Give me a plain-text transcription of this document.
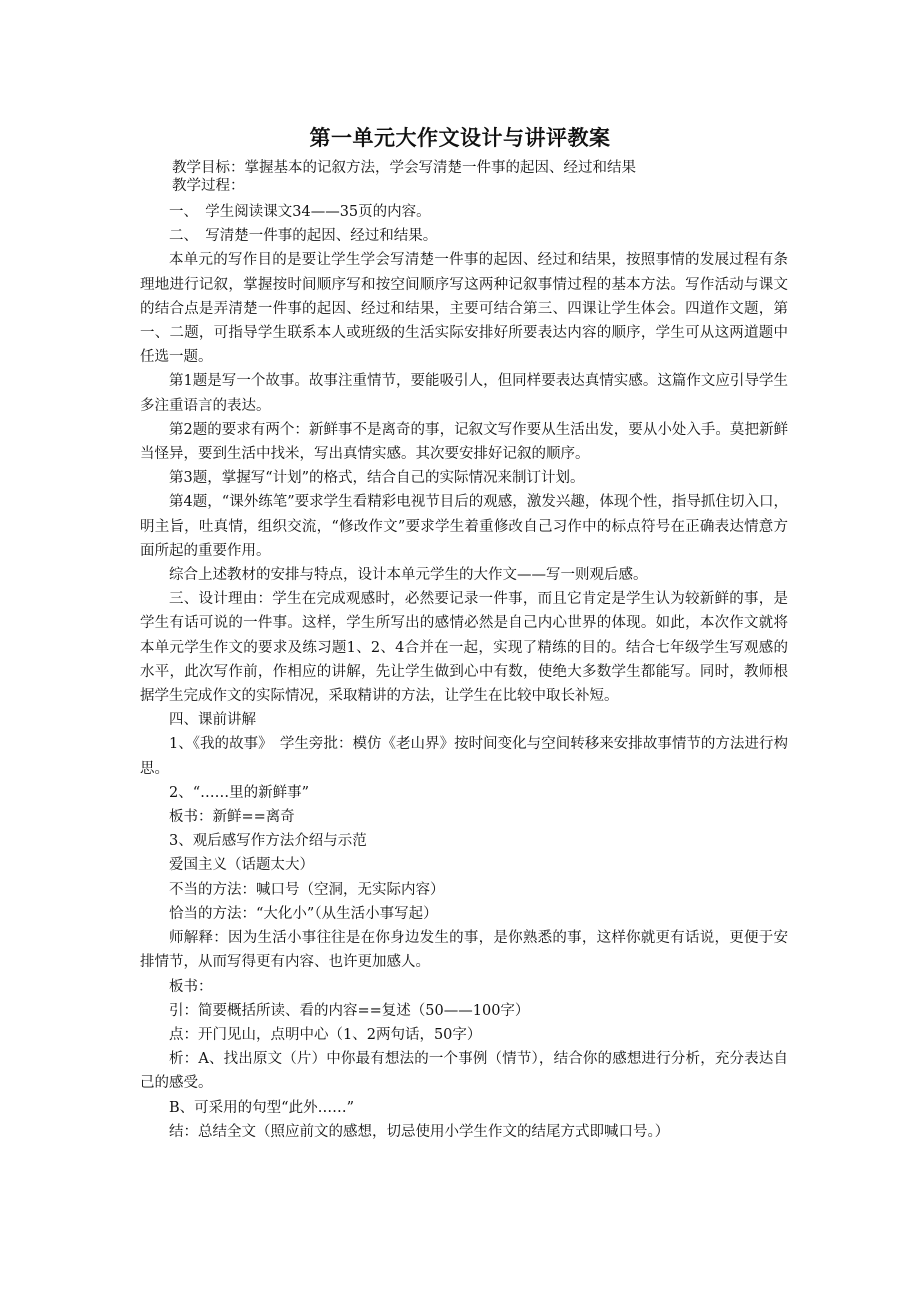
第一单元大作文设计与讲评教案
教学目标：掌握基本的记叙方法，学会写清楚一件事的起因、经过和结果
教学过程：

一、　学生阅读课文34——35页的内容。

二、　写清楚一件事的起因、经过和结果。

本单元的写作目的是要让学生学会写清楚一件事的起因、经过和结果，按照事情的发展过程有条理地进行记叙，掌握按时间顺序写和按空间顺序写这两种记叙事情过程的基本方法。写作活动与课文的结合点是弄清楚一件事的起因、经过和结果，主要可结合第三、四课让学生体会。四道作文题，第一、二题，可指导学生联系本人或班级的生活实际安排好所要表达内容的顺序，学生可从这两道题中任选一题。

第1题是写一个故事。故事注重情节，要能吸引人，但同样要表达真情实感。这篇作文应引导学生多注重语言的表达。

第2题的要求有两个：新鲜事不是离奇的事，记叙文写作要从生活出发，要从小处入手。莫把新鲜当怪异，要到生活中找米，写出真情实感。其次要安排好记叙的顺序。

第3题，掌握写“计划”的格式，结合自己的实际情况来制订计划。

第4题，“课外练笔”要求学生看精彩电视节目后的观感，激发兴趣，体现个性，指导抓住切入口，明主旨，吐真情，组织交流，“修改作文”要求学生着重修改自己习作中的标点符号在正确表达情意方面所起的重要作用。

综合上述教材的安排与特点，设计本单元学生的大作文——写一则观后感。

三、设计理由：学生在完成观感时，必然要记录一件事，而且它肯定是学生认为较新鲜的事，是学生有话可说的一件事。这样，学生所写出的感情必然是自己内心世界的体现。如此，本次作文就将本单元学生作文的要求及练习题1、2、4合并在一起，实现了精练的目的。结合七年级学生写观感的水平，此次写作前，作相应的讲解，先让学生做到心中有数，使绝大多数学生都能写。同时，教师根据学生完成作文的实际情况，采取精讲的方法，让学生在比较中取长补短。

四、课前讲解

1、《我的故事》　学生旁批：模仿《老山界》按时间变化与空间转移来安排故事情节的方法进行构思。

2、“……里的新鲜事”

板书：新鲜==离奇

3、观后感写作方法介绍与示范

爱国主义（话题太大）

不当的方法：喊口号（空洞，无实际内容）

恰当的方法：“大化小”（从生活小事写起）

师解释：因为生活小事往往是在你身边发生的事，是你熟悉的事，这样你就更有话说，更便于安排情节，从而写得更有内容、也许更加感人。

板书：

引：简要概括所读、看的内容==复述（50——100字）

点：开门见山，点明中心（1、2两句话，50字）

析：A、找出原文（片）中你最有想法的一个事例（情节），结合你的感想进行分析，充分表达自己的感受。

B、可采用的句型“此外……”

结：总结全文（照应前文的感想，切忌使用小学生作文的结尾方式即喊口号。）
